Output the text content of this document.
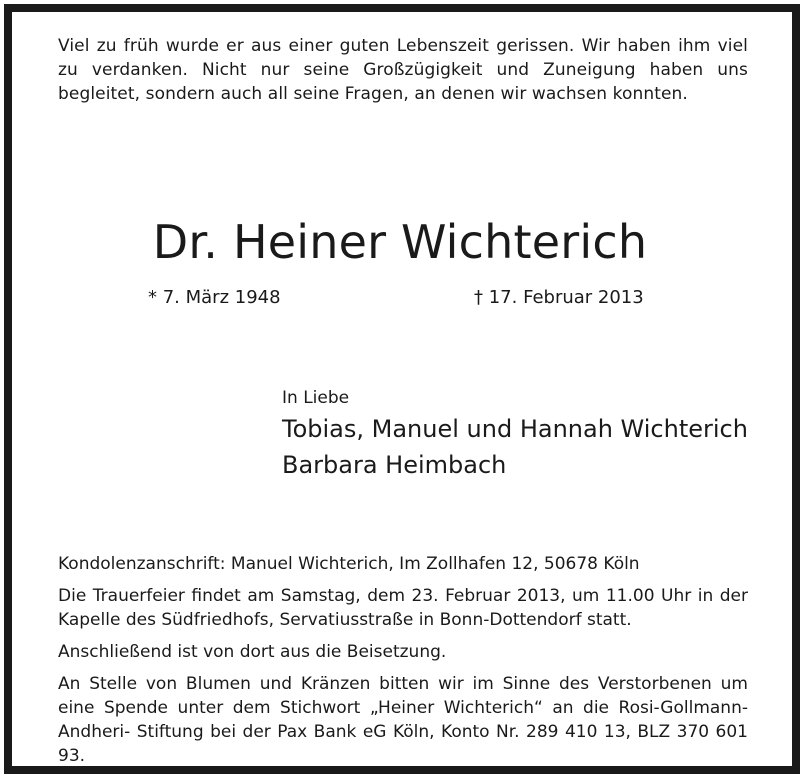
Viel zu früh wurde er aus einer guten Lebenszeit gerissen. Wir haben ihm viel zu verdanken. Nicht nur seine Großzügigkeit und Zuneigung haben uns begleitet, sondern auch all seine Fragen, an denen wir wachsen konnten.
Dr. Heiner Wichterich
* 7. März 1948	† 17. Februar 2013
In Liebe
Tobias, Manuel und Hannah Wichterich
Barbara Heimbach

Kondolenzanschrift: Manuel Wichterich, Im Zollhafen 12, 50678 Köln

Die Trauerfeier findet am Samstag, dem 23. Februar 2013, um 11.00 Uhr in der Kapelle des Südfriedhofs, Servatiusstraße in Bonn-Dottendorf statt.

Anschließend ist von dort aus die Beisetzung.

An Stelle von Blumen und Kränzen bitten wir im Sinne des Verstorbenen um eine Spende unter dem Stichwort „Heiner Wichterich“ an die Rosi-Gollmann-Andheri- Stiftung bei der Pax Bank eG Köln, Konto Nr. 289 410 13, BLZ 370 601 93.
